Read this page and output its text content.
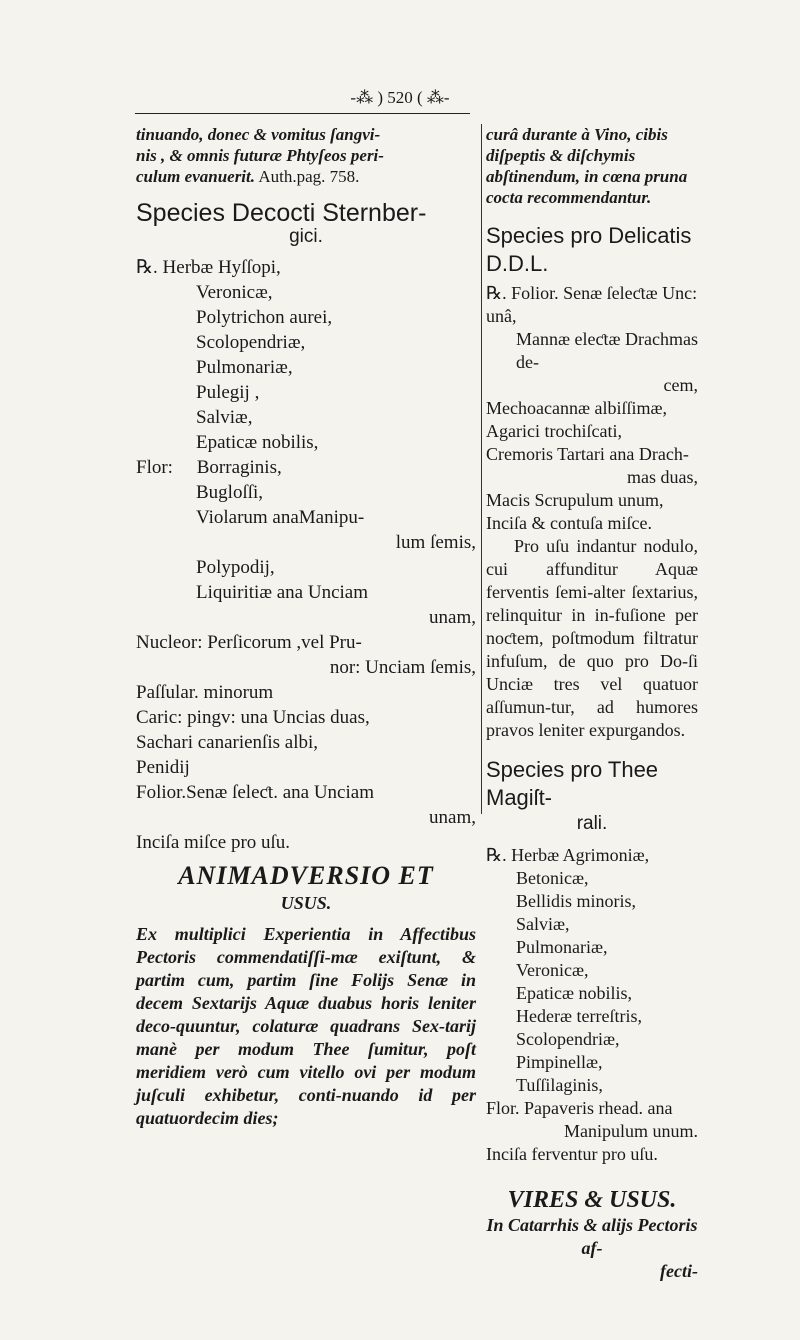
-⁂ ) 520 ( ⁂-
tinuando, donec & vomitus ſangvi-
nis , & omnis futuræ Phtyſeos peri-
culum evanuerit. Auth.pag. 758.
Species Decocti Sternber-
gici.
℞. Herbæ Hyſſopi,
Veronicæ,
Polytrichon aurei,
Scolopendriæ,
Pulmonariæ,
Pulegij ,
Salviæ,
Epaticæ nobilis,
Flor: Borraginis,
Bugloſſi,
Violarum anaManipu-
lum ſemis,
Polypodij,
Liquiritiæ ana Unciam
unam,
Nucleor: Perſicorum ,vel Pru-
nor: Unciam ſemis,
Paſſular. minorum
Caric: pingv: una Uncias duas,
Sachari canarienſis albi,
Penidij
Folior.Senæ ſeleƈt. ana Unciam
unam,
Inciſa miſce pro uſu.
ANIMADVERSIO ET
USUS.
Ex multiplici Experientia in Affectibus Pectoris commendatiſſi-mæ exiſtunt, & partim cum, partim ſine Folijs Senæ in decem Sextarijs Aquæ duabus horis leniter deco-quuntur, colaturæ quadrans Sex-tarij manè per modum Thee ſumitur, poſt meridiem verò cum vitello ovi per modum juſculi exhibetur, conti-nuando id per quatuordecim dies;
curâ durante à Vino, cibis diſpeptis & diſchymis abſtinendum, in cœna pruna cocta recommendantur.
Species pro Delicatis D.D.L.
℞. Folior. Senæ ſeleƈtæ Unc: unâ,
Mannæ eleƈtæ Drachmas de-
cem,
Mechoacannæ albiſſimæ,
Agarici trochiſcati,
Cremoris Tartari ana Drach-
mas duas,
Macis Scrupulum unum,
Inciſa & contuſa miſce.
Pro uſu indantur nodulo, cui affunditur Aquæ ferventis ſemi-alter ſextarius, relinquitur in in-fuſione per noƈtem, poſtmodum filtratur infuſum, de quo pro Do-ſi Unciæ tres vel quatuor aſſumun-tur, ad humores pravos leniter expurgandos.
Species pro Thee Magiſt-
rali.
℞. Herbæ Agrimoniæ,
Betonicæ,
Bellidis minoris,
Salviæ,
Pulmonariæ,
Veronicæ,
Epaticæ nobilis,
Hederæ terreſtris,
Scolopendriæ,
Pimpinellæ,
Tuſſilaginis,
Flor. Papaveris rhead. ana
Manipulum unum.
Inciſa ferventur pro uſu.
VIRES & USUS.
In Catarrhis & alijs Pectoris af-
fecti-
